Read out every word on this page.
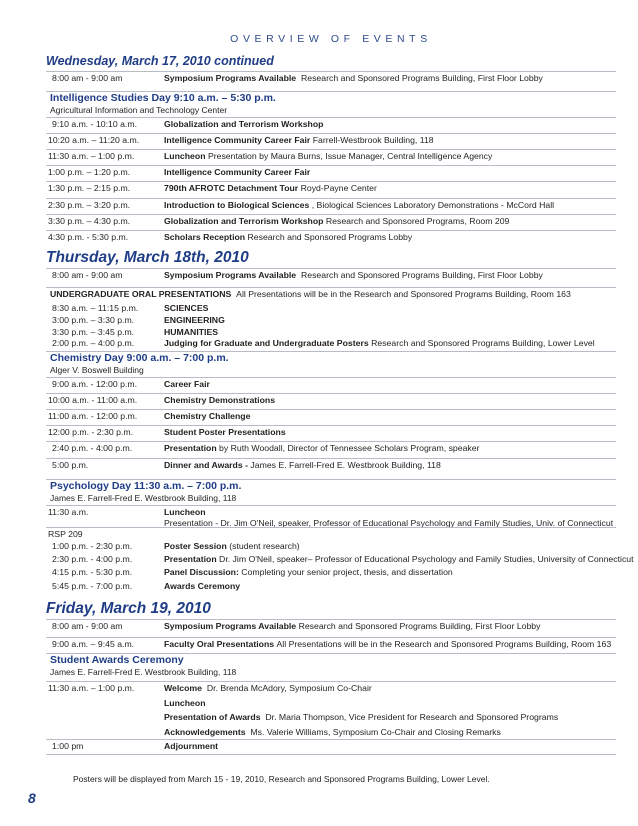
OVERVIEW OF EVENTS
Wednesday, March 17, 2010 continued
8:00 am - 9:00 am	Symposium Programs Available Research and Sponsored Programs Building, First Floor Lobby
Intelligence Studies Day 9:10 a.m. – 5:30 p.m.
Agricultural Information and Technology Center
9:10 a.m. - 10:10 a.m.	Globalization and Terrorism Workshop
10:20 a.m. – 11:20 a.m.	Intelligence Community Career Fair Farrell-Westbrook Building, 118
11:30 a.m. – 1:00 p.m.	Luncheon Presentation by Maura Burns, Issue Manager, Central Intelligence Agency
1:00 p.m. – 1:20 p.m.	Intelligence Community Career Fair
1:30 p.m. – 2:15 p.m.	790th AFROTC Detachment Tour Royd-Payne Center
2:30 p.m. – 3:20 p.m.	Introduction to Biological Sciences , Biological Sciences Laboratory Demonstrations - McCord Hall
3:30 p.m. – 4:30 p.m.	Globalization and Terrorism Workshop Research and Sponsored Programs, Room 209
4:30 p.m. - 5:30 p.m.	Scholars Reception Research and Sponsored Programs Lobby
Thursday, March 18th, 2010
8:00 am - 9:00 am	Symposium Programs Available Research and Sponsored Programs Building, First Floor Lobby
UNDERGRADUATE ORAL PRESENTATIONS All Presentations will be in the Research and Sponsored Programs Building, Room 163
8:30 a.m. – 11:15 p.m.	SCIENCES
3:00 p.m. – 3:30 p.m.	ENGINEERING
3:30 p.m. – 3:45 p.m.	HUMANITIES
2:00 p.m. – 4:00 p.m.	Judging for Graduate and Undergraduate Posters Research and Sponsored Programs Building, Lower Level
Chemistry Day 9:00 a.m. – 7:00 p.m.
Alger V. Boswell Building
9:00 a.m. - 12:00 p.m.	Career Fair
10:00 a.m. - 11:00 a.m.	Chemistry Demonstrations
11:00 a.m. - 12:00 p.m.	Chemistry Challenge
12:00 p.m. - 2:30 p.m.	Student Poster Presentations
2:40 p.m. - 4:00 p.m.	Presentation by Ruth Woodall, Director of Tennessee Scholars Program, speaker
5:00 p.m.	Dinner and Awards - James E. Farrell-Fred E. Westbrook Building, 118
Psychology Day 11:30 a.m. – 7:00 p.m.
James E. Farrell-Fred E. Westbrook Building, 118
11:30 a.m.	Luncheon
Presentation - Dr. Jim O'Neil, speaker, Professor of Educational Psychology and Family Studies, Univ. of Connecticut
RSP 209
1:00 p.m. - 2:30 p.m.	Poster Session (student research)
2:30 p.m. - 4:00 p.m.	Presentation Dr. Jim O'Neil, speaker– Professor of Educational Psychology and Family Studies, University of Connecticut
4:15 p.m. - 5:30 p.m.	Panel Discussion: Completing your senior project, thesis, and dissertation
5:45 p.m. - 7:00 p.m.	Awards Ceremony
Friday, March 19, 2010
8:00 am - 9:00 am	Symposium Programs Available Research and Sponsored Programs Building, First Floor Lobby
9:00 a.m. – 9:45 a.m.	Faculty Oral Presentations All Presentations will be in the Research and Sponsored Programs Building, Room 163
Student Awards Ceremony
James E. Farrell-Fred E. Westbrook Building, 118
11:30 a.m. – 1:00 p.m.	Welcome Dr. Brenda McAdory, Symposium Co-Chair
Luncheon
Presentation of Awards Dr. Maria Thompson, Vice President for Research and Sponsored Programs
Acknowledgements Ms. Valerie Williams, Symposium Co-Chair and Closing Remarks
1:00 pm	Adjournment
Posters will be displayed from March 15 - 19, 2010, Research and Sponsored Programs Building, Lower Level.
8
